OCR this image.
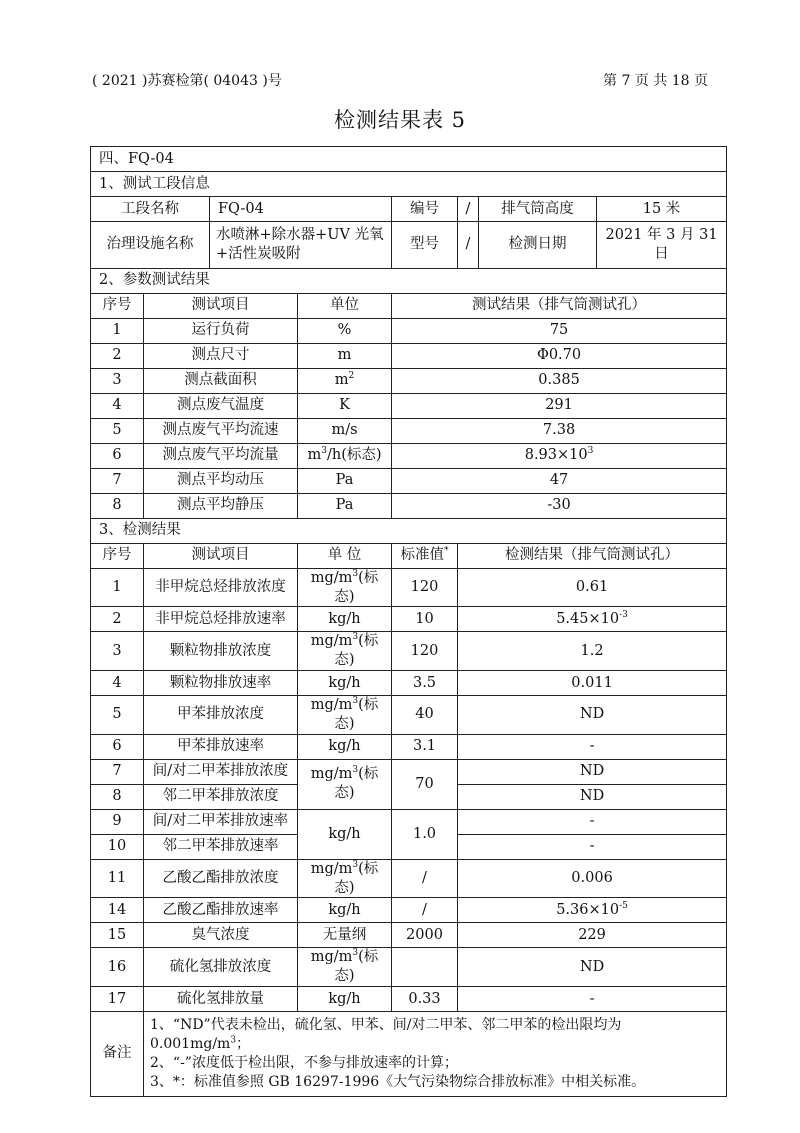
( 2021 )苏赛检第( 04043 )号	第 7 页 共 18 页
检测结果表 5
四、FQ-04							
1、测试工段信息							
工段名称		FQ-04		编号	/	排气筒高度	15 米
治理设施名称		水喷淋+除水器+UV 光氧+活性炭吸附		型号	/	检测日期	2021 年 3 月 31 日
2、参数测试结果							
序号	测试项目		单位	测试结果（排气筒测试孔）			
1	运行负荷		%	75			
2	测点尺寸		m	Φ0.70			
3	测点截面积		$m^2$	0.385			
4	测点废气温度		K	291			
5	测点废气平均流速		m/s	7.38			
6	测点废气平均流量		$m^3/h$(标态)	$8.93\times 10^3$
7	测点平均动压		Pa	47			
8	测点平均静压		Pa	-30			
3、检测结果							
序号	测试项目		单 位	标准值*	检测结果（排气筒测试孔）		
1	非甲烷总烃排放浓度		$mg/m^3$(标态)	120	0.61		
2	非甲烷总烃排放速率		kg/h	10	$5.45\times 10^{-3}$
3	颗粒物排放浓度		$mg/m^3$(标态)	120	1.2		
4	颗粒物排放速率		kg/h	3.5	0.011		
5	甲苯排放浓度		$mg/m^3$(标态)	40	ND		
6	甲苯排放速率		kg/h	3.1	-		
7	间/对二甲苯排放浓度		$mg/m^3$(标态)	70	ND		
8	邻二甲苯排放浓度				ND		
9	间/对二甲苯排放速率		kg/h	1.0	-		
10	邻二甲苯排放速率				-		
11	乙酸乙酯排放浓度		$mg/m^3$(标态)	/	0.006		
14	乙酸乙酯排放速率		kg/h	/	$5.36\times 10^{-5}$
15	臭气浓度		无量纲	2000	229		
16	硫化氢排放浓度		$mg/m^3$(标态)		ND		
17	硫化氢排放量		kg/h	0.33	-		
备注	1、“ND”代表未检出，硫化氢、甲苯、间/对二甲苯、邻二甲苯的检出限均为$0.001mg/m^3$；
2、“-”浓度低于检出限，不参与排放速率的计算；
3、*：标准值参照 GB 16297-1996《大气污染物综合排放标准》中相关标准。						
